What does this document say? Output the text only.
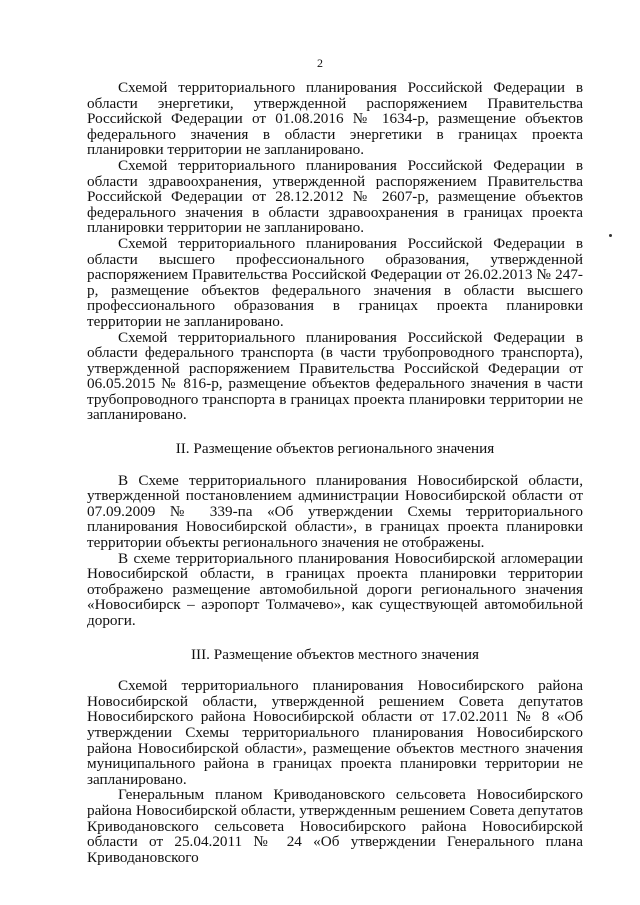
2

Схемой территориального планирования Российской Федерации в области энергетики, утвержденной распоряжением Правительства Российской Федерации от 01.08.2016 № 1634-р, размещение объектов федерального значения в области энергетики в границах проекта планировки территории не запланировано.

Схемой территориального планирования Российской Федерации в области здравоохранения, утвержденной распоряжением Правительства Российской Федерации от 28.12.2012 № 2607-р, размещение объектов федерального значения в области здравоохранения в границах проекта планировки территории не запланировано.

Схемой территориального планирования Российской Федерации в области высшего профессионального образования, утвержденной распоряжением Правительства Российской Федерации от 26.02.2013 № 247-р, размещение объектов федерального значения в области высшего профессионального образования в границах проекта планировки территории не запланировано.

Схемой территориального планирования Российской Федерации в области федерального транспорта (в части трубопроводного транспорта), утвержденной распоряжением Правительства Российской Федерации от 06.05.2015 № 816-р, размещение объектов федерального значения в части трубопроводного транспорта в границах проекта планировки территории не запланировано.

II. Размещение объектов регионального значения

В Схеме территориального планирования Новосибирской области, утвержденной постановлением администрации Новосибирской области от 07.09.2009 № 339-па «Об утверждении Схемы территориального планирования Новосибирской области», в границах проекта планировки территории объекты регионального значения не отображены.

В схеме территориального планирования Новосибирской агломерации Новосибирской области, в границах проекта планировки территории отображено размещение автомобильной дороги регионального значения «Новосибирск – аэропорт Толмачево», как существующей автомобильной дороги.

III. Размещение объектов местного значения

Схемой территориального планирования Новосибирского района Новосибирской области, утвержденной решением Совета депутатов Новосибирского района Новосибирской области от 17.02.2011 № 8 «Об утверждении Схемы территориального планирования Новосибирского района Новосибирской области», размещение объектов местного значения муниципального района в границах проекта планировки территории не запланировано.

Генеральным планом Криводановского сельсовета Новосибирского района Новосибирской области, утвержденным решением Совета депутатов Криводановского сельсовета Новосибирского района Новосибирской области от 25.04.2011 № 24 «Об утверждении Генерального плана Криводановского
